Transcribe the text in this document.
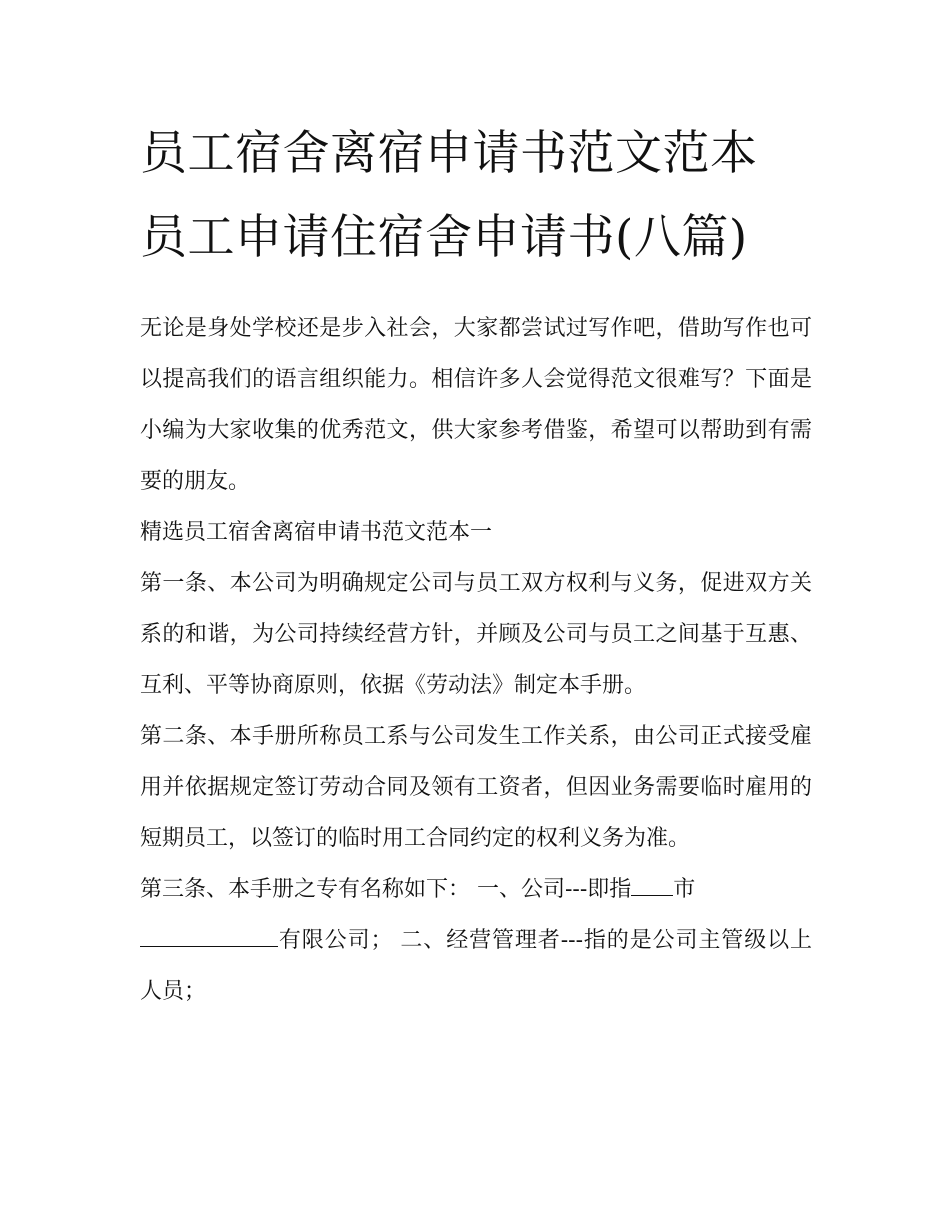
员工宿舍离宿申请书范文范本
员工申请住宿舍申请书(八篇)

无论是身处学校还是步入社会，大家都尝试过写作吧，借助写作也可以提高我们的语言组织能力。相信许多人会觉得范文很难写？下面是小编为大家收集的优秀范文，供大家参考借鉴，希望可以帮助到有需要的朋友。

精选员工宿舍离宿申请书范文范本一

第一条、本公司为明确规定公司与员工双方权利与义务，促进双方关系的和谐，为公司持续经营方针，并顾及公司与员工之间基于互惠、互利、平等协商原则，依据《劳动法》制定本手册。

第二条、本手册所称员工系与公司发生工作关系，由公司正式接受雇用并依据规定签订劳动合同及领有工资者，但因业务需要临时雇用的短期员工，以签订的临时用工合同约定的权利义务为准。

第三条、本手册之专有名称如下： 一、公司---即指 市
有限公司； 二、经营管理者---指的是公司主管级以上人员；
